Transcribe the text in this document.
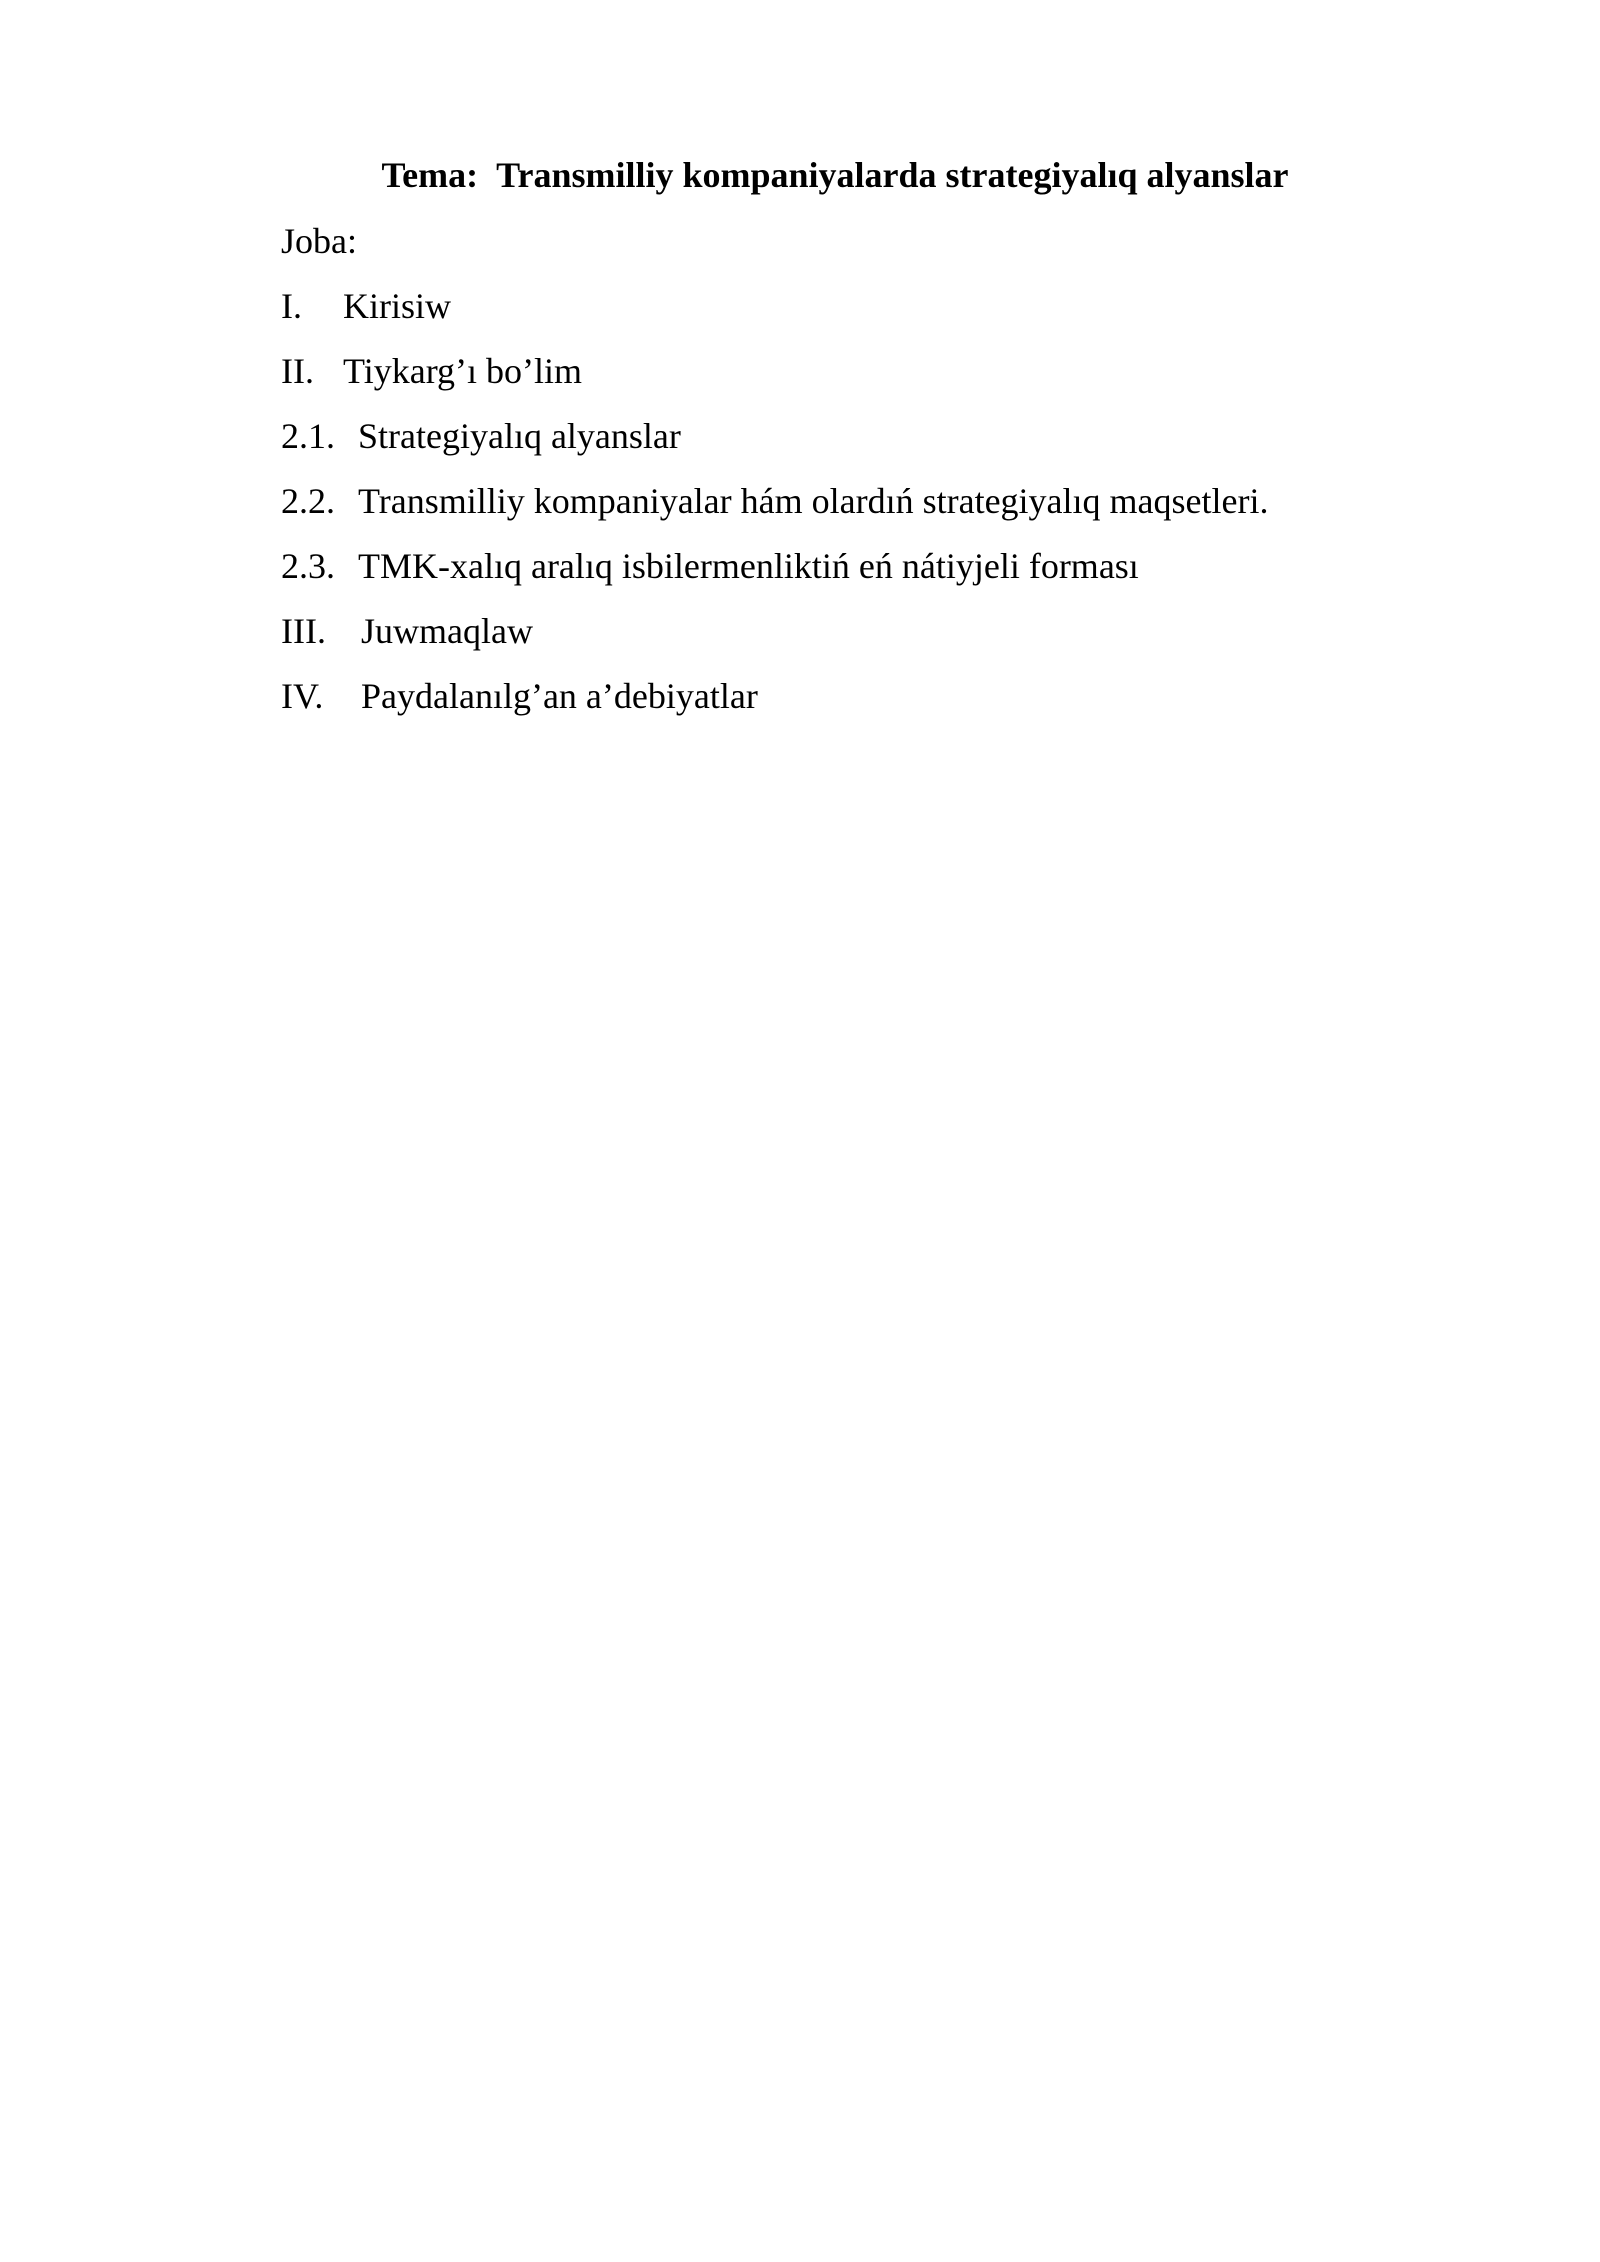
Tema: Transmilliy kompaniyalarda strategiyalıq alyanslar
Joba:
I.	Kirisiw
II. Tiykarg’ı bo’lim
2.1. Strategiyalıq alyanslar
2.2. Transmilliy kompaniyalar hám olardıń strategiyalıq maqsetleri.
2.3. TMK-xalıq aralıq isbilermenliktiń eń nátiyjeli forması
III. Juwmaqlaw
IV.	Paydalanılg’an a’debiyatlar
